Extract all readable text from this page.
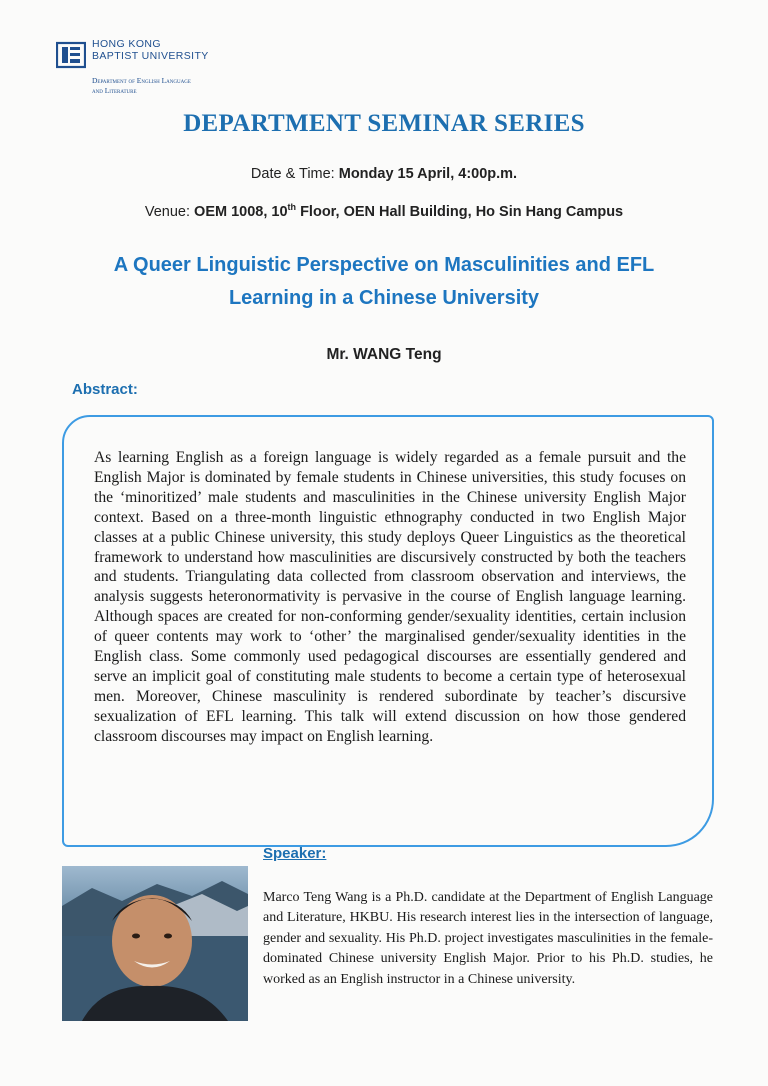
HONG KONG
BAPTIST UNIVERSITY
Department of English Language
and Literature
DEPARTMENT SEMINAR SERIES
Date & Time: Monday 15 April, 4:00p.m.
Venue: OEM 1008, 10th Floor, OEN Hall Building, Ho Sin Hang Campus
A Queer Linguistic Perspective on Masculinities and EFL Learning in a Chinese University
Mr. WANG Teng
Abstract:

As learning English as a foreign language is widely regarded as a female pursuit and the English Major is dominated by female students in Chinese universities, this study focuses on the ‘minoritized’ male students and masculinities in the Chinese university English Major context. Based on a three-month linguistic ethnography conducted in two English Major classes at a public Chinese university, this study deploys Queer Linguistics as the theoretical framework to understand how masculinities are discursively constructed by both the teachers and students. Triangulating data collected from classroom observation and interviews, the analysis suggests heteronormativity is pervasive in the course of English language learning. Although spaces are created for non-conforming gender/sexuality identities, certain inclusion of queer contents may work to ‘other’ the marginalised gender/sexuality identities in the English class. Some commonly used pedagogical discourses are essentially gendered and serve an implicit goal of constituting male students to become a certain type of heterosexual men. Moreover, Chinese masculinity is rendered subordinate by teacher’s discursive sexualization of EFL learning. This talk will extend discussion on how those gendered classroom discourses may impact on English learning.

Speaker:

Marco Teng Wang is a Ph.D. candidate at the Department of English Language and Literature, HKBU. His research interest lies in the intersection of language, gender and sexuality. His Ph.D. project investigates masculinities in the female-dominated Chinese university English Major. Prior to his Ph.D. studies, he worked as an English instructor in a Chinese university.
